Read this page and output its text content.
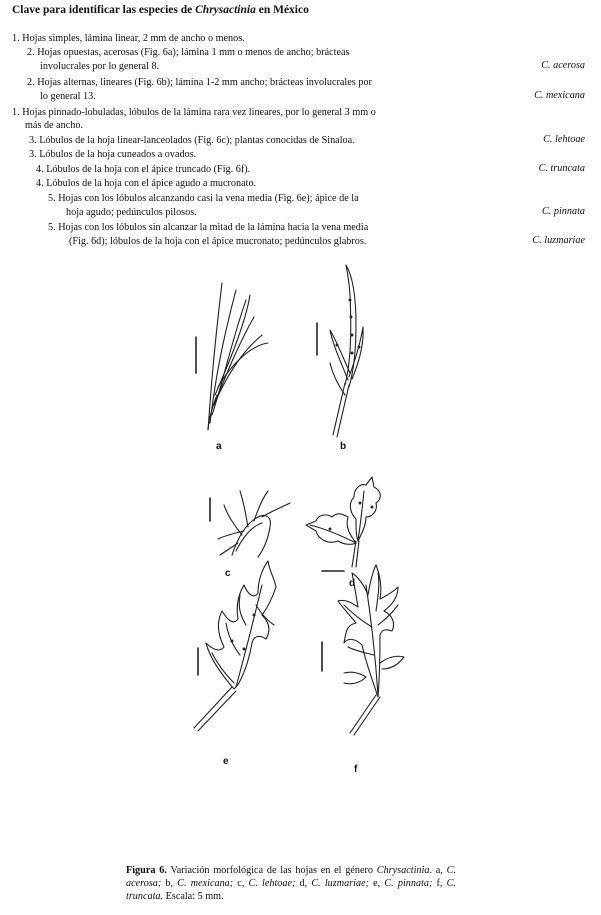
Clave para identificar las especies de Chrysactinia en México
1. Hojas simples, lámina linear, 2 mm de ancho o menos.
2. Hojas opuestas, acerosas (Fig. 6a); lámina 1 mm o menos de ancho; brácteas
involucrales por lo general 8.	C. acerosa
2. Hojas alternas, lineares (Fig. 6b); lámina 1-2 mm ancho; brácteas involucrales por
lo general 13.	C. mexicana
1. Hojas pinnado-lobuladas, lóbulos de la lámina rara vez lineares, por lo general 3 mm o
más de ancho.
3. Lóbulos de la hoja linear-lanceolados (Fig. 6c); plantas conocidas de Sinaloa.	C. lehtoae
3. Lóbulos de la hoja cuneados a ovados.
4. Lóbulos de la hoja con el ápice truncado (Fig. 6f).	C. truncata
4. Lóbulos de la hoja con el ápice agudo a mucronato.
5. Hojas con los lóbulos alcanzando casi la vena media (Fig. 6e); ápice de la
hoja agudo; pedúnculos pilosos.	C. pinnata
5. Hojas con los lóbulos sin alcanzar la mitad de la lámina hacia la vena media
(Fig. 6d); lóbulos de la hoja con el ápice mucronato; pedúnculos glabros.	C. luzmariae
a	b
c
d
e
f
Figura 6. Variación morfológica de las hojas en el género Chrysactinia. a, C. acerosa; b, C. mexicana; c, C. lehtoae; d, C. luzmariae; e, C. pinnata; f, C. truncata. Escala: 5 mm.
